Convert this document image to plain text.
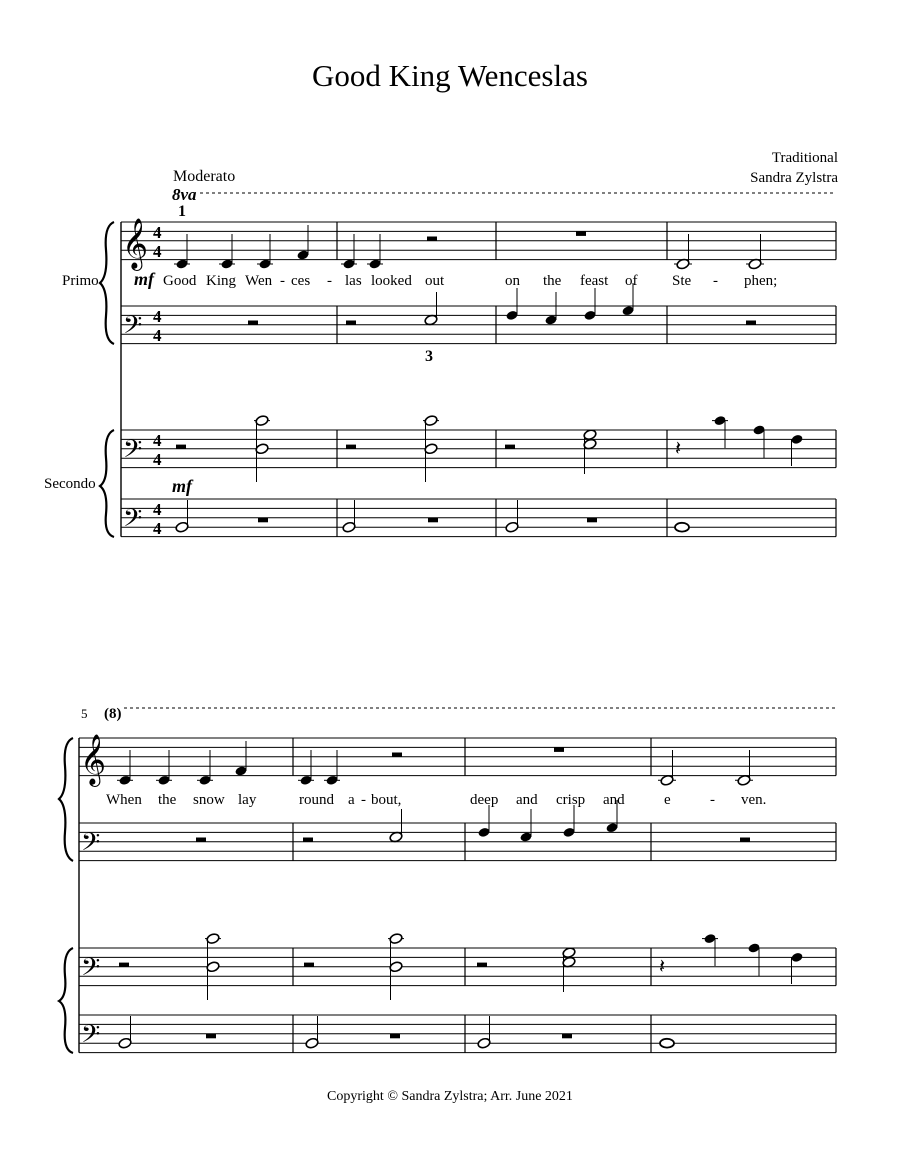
Good King Wenceslas
Traditional
Sandra Zylstra
Moderato
Copyright © Sandra Zylstra; Arr. June 2021
8va
1
Primo
Secondo
𝄞
𝄢
𝄢
𝄢
4
4
4
4
4
4
4
4
mf Good King Wen - ces - las looked out	on the feast of Ste - phen;
3
𝄽
mf
5 (8)
𝄞
𝄢
𝄢
𝄢
When the snow lay	round a - bout,	deep and crisp and	e	- ven.
𝄽
